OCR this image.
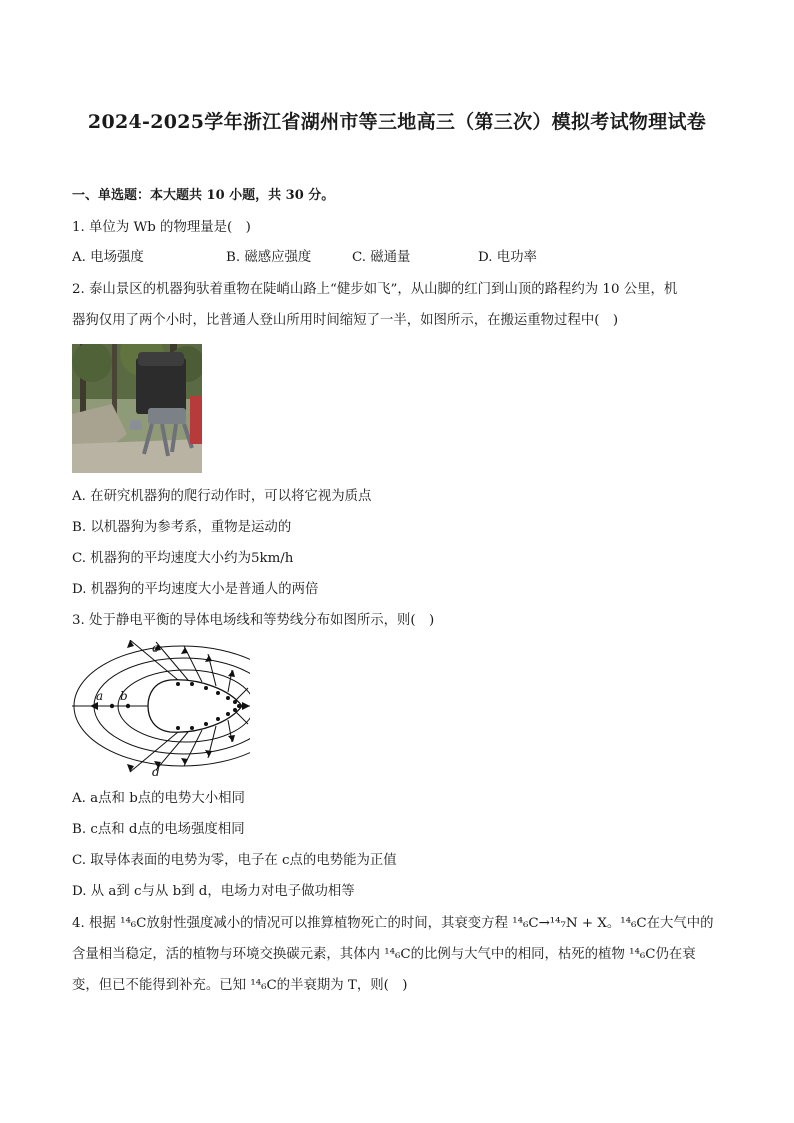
2024-2025学年浙江省湖州市等三地高三（第三次）模拟考试物理试卷
一、单选题：本大题共 10 小题，共 30 分。
1. 单位为 Wb 的物理量是(　)
A. 电场强度	B. 磁感应强度	C. 磁通量	D. 电功率
2. 泰山景区的机器狗驮着重物在陡峭山路上“健步如飞”，从山脚的红门到山顶的路程约为 10 公里，机
器狗仅用了两个小时，比普通人登山所用时间缩短了一半，如图所示，在搬运重物过程中(　)
A. 在研究机器狗的爬行动作时，可以将它视为质点
B. 以机器狗为参考系，重物是运动的
C. 机器狗的平均速度大小约为5km/h
D. 机器狗的平均速度大小是普通人的两倍
3. 处于静电平衡的导体电场线和等势线分布如图所示，则(　)
a b
c
d
A. a点和 b点的电势大小相同
B. c点和 d点的电场强度相同
C. 取导体表面的电势为零，电子在 c点的电势能为正值
D. 从 a到 c与从 b到 d，电场力对电子做功相等
4. 根据 ¹⁴₆C放射性强度减小的情况可以推算植物死亡的时间，其衰变方程 ¹⁴₆C→¹⁴₇N + X。¹⁴₆C在大气中的
含量相当稳定，活的植物与环境交换碳元素，其体内 ¹⁴₆C的比例与大气中的相同，枯死的植物 ¹⁴₆C仍在衰
变，但已不能得到补充。已知 ¹⁴₆C的半衰期为 T，则(　)
